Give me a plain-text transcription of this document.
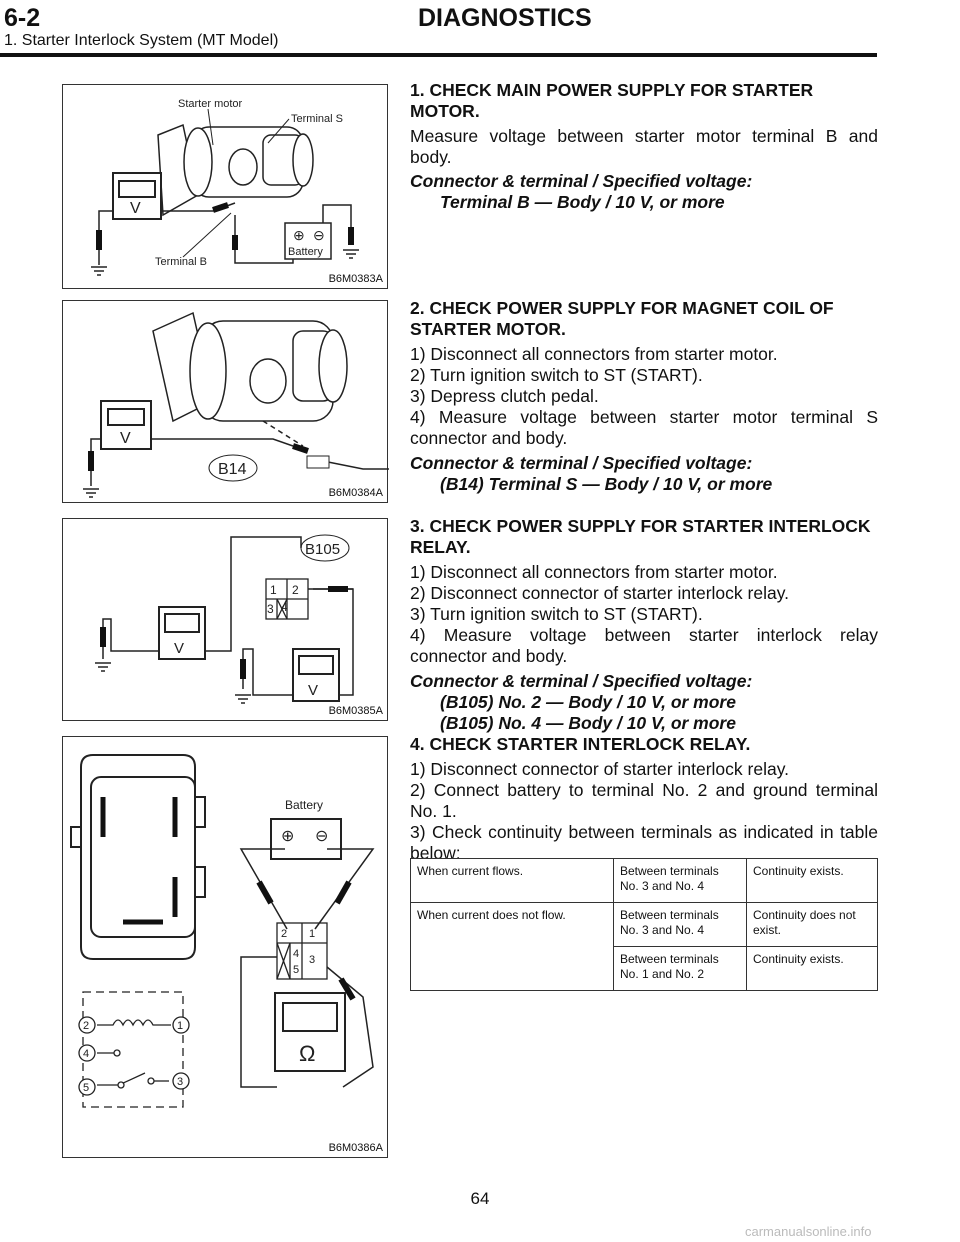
6-2	DIAGNOSTICS
1. Starter Interlock System (MT Model)
V
⊕ ⊖
Battery
Starter motor
Terminal S
Terminal B
B6M0383A
V
B14
B6M0384A
B105
1 2
3 4
V
V
B6M0385A
2	1
4
3
5
Battery
⊕ ⊖
2 1
4
5
3
Ω
B6M0386A
1. CHECK MAIN POWER SUPPLY FOR STARTER MOTOR.

Measure voltage between starter motor terminal B and body.

Connector & terminal / Specified voltage:
Terminal B — Body / 10 V, or more
2. CHECK POWER SUPPLY FOR MAGNET COIL OF STARTER MOTOR.
1) Disconnect all connectors from starter motor.
2) Turn ignition switch to ST (START).
3) Depress clutch pedal.
4) Measure voltage between starter motor terminal S connector and body.
Connector & terminal / Specified voltage:
(B14) Terminal S — Body / 10 V, or more
3. CHECK POWER SUPPLY FOR STARTER INTERLOCK RELAY.
1) Disconnect all connectors from starter motor.
2) Disconnect connector of starter interlock relay.
3) Turn ignition switch to ST (START).
4) Measure voltage between starter interlock relay connector and body.
Connector & terminal / Specified voltage:
(B105) No. 2 — Body / 10 V, or more
(B105) No. 4 — Body / 10 V, or more
4. CHECK STARTER INTERLOCK RELAY.
1) Disconnect connector of starter interlock relay.
2) Connect battery to terminal No. 2 and ground terminal No. 1.
3) Check continuity between terminals as indicated in table below:
When current flows.	Between terminals No. 3 and No. 4	Continuity exists.
When current does not flow.	Between terminals No. 3 and No. 4	Continuity does not exist.
	Between terminals No. 1 and No. 2	Continuity exists.
64
carmanualsonline.info
